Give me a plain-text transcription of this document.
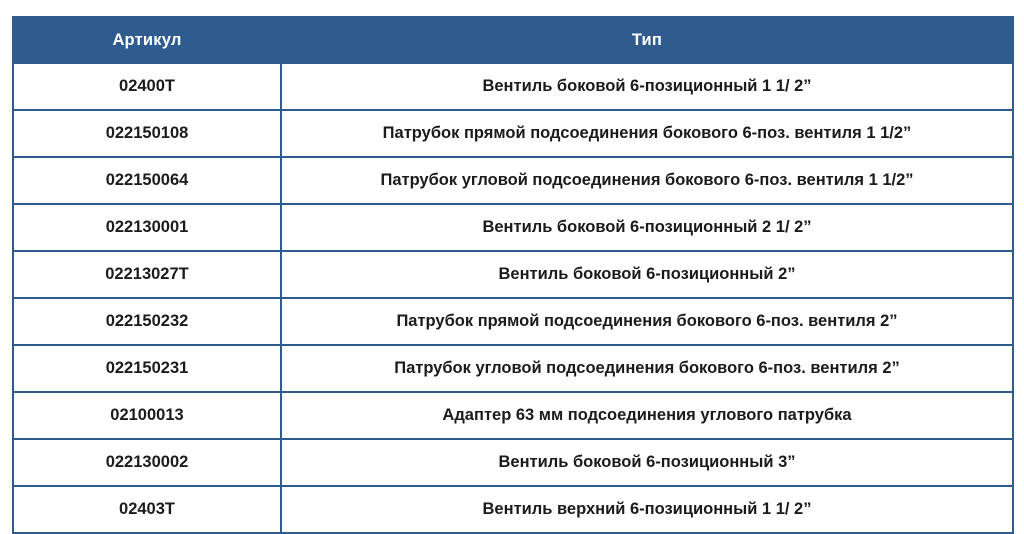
Артикул	Тип
02400T	Вентиль боковой 6-позиционный 1 1/ 2”
022150108	Патрубок прямой подсоединения бокового 6-поз. вентиля 1 1/2”
022150064	Патрубок угловой подсоединения бокового 6-поз. вентиля 1 1/2”
022130001	Вентиль боковой 6-позиционный 2 1/ 2”
02213027T	Вентиль боковой 6-позиционный 2”
022150232	Патрубок прямой подсоединения бокового 6-поз. вентиля 2”
022150231	Патрубок угловой подсоединения бокового 6-поз. вентиля 2”
02100013	Адаптер 63 мм подсоединения углового патрубка
022130002	Вентиль боковой 6-позиционный 3”
02403T	Вентиль верхний 6-позиционный 1 1/ 2”
